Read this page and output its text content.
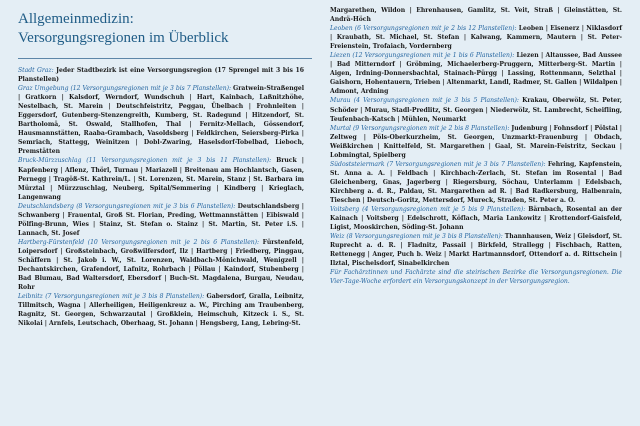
Allgemeinmedizin:
Versorgungsregionen im Überblick

Stadt Graz: Jeder Stadtbezirk ist eine Versorgungsregion (17 Sprengel mit 3 bis 16 Planstellen)

Graz Umgebung (12 Versorgungsregionen mit je 3 bis 7 Planstellen): Gratwein-Straßengel | Gratkorn | Kalsdorf, Werndorf, Wundschuh | Hart, Kainbach, Laßnitzhöhe, Nestelbach, St. Marein | Deutschfeistritz, Peggau, Übelbach | Frohnleiten | Eggersdorf, Gutenberg-Stenzengreith, Kumberg, St. Radegund | Hitzendorf, St. Bartholomä, St. Oswald, Stallhofen, Thal | Fernitz-Mellach, Gössendorf, Hausmannstätten, Raaba-Grambach, Vasoldsberg | Feldkirchen, Seiersberg-Pirka | Semriach, Stattegg, Weinitzen | Dobl-Zwaring, Haselsdorf-Tobelbad, Lieboch, Premstätten

Bruck-Mürzzuschlag (11 Versorgungsregionen mit je 3 bis 11 Planstellen): Bruck | Kapfenberg | Aflenz, Thörl, Turnau | Mariazell | Breitenau am Hochlantsch, Gasen, Pernegg | Tragöß-St. Kathrein/L. | St. Lorenzen, St. Marein, Stanz | St. Barbara im Mürztal | Mürzzuschlag, Neuberg, Spital/Semmering | Kindberg | Krieglach, Langenwang

Deutschlandsberg (8 Versorgungsregionen mit je 3 bis 6 Planstellen): Deutschlandsberg | Schwanberg | Frauental, Groß St. Florian, Preding, Wettmannstätten | Eibiswald | Pölfing-Brunn, Wies | Stainz, St. Stefan o. Stainz | St. Martin, St. Peter i.S. | Lannach, St. Josef

Hartberg-Fürstenfeld (10 Versorgungsregionen mit je 2 bis 6 Planstellen): Fürstenfeld, Loipersdorf | Großsteinbach, Großwilfersdorf, Ilz | Hartberg | Friedberg, Pinggau, Schäffern | St. Jakob i. W., St. Lorenzen, Waldbach-Mönichwald, Wenigzell | Dechantskirchen, Grafendorf, Lafnitz, Rohrbach | Pöllau | Kaindorf, Stubenberg | Bad Blumau, Bad Waltersdorf, Ebersdorf | Buch-St. Magdalena, Burgau, Neudau, Rohr

Leibnitz (7 Versorgungsregionen mit je 3 bis 8 Planstellen): Gabersdorf, Gralla, Leibnitz, Tillmitsch, Wagna | Allerheiligen, Heiligenkreuz a. W., Pirching am Traubenberg, Ragnitz, St. Georgen, Schwarzautal | Großklein, Heimschuh, Kitzeck i. S., St. Nikolai | Arnfels, Leutschach, Oberhaag, St. Johann | Hengsberg, Lang, Lebring-St.

Margarethen, Wildon | Ehrenhausen, Gamlitz, St. Veit, Straß | Gleinstätten, St. Andrä-Höch

Leoben (6 Versorgungsregionen mit je 2 bis 12 Planstellen): Leoben | Eisenerz | Niklasdorf | Kraubath, St. Michael, St. Stefan | Kalwang, Kammern, Mautern | St. Peter-Freienstein, Trofaiach, Vordernberg

Liezen (12 Versorgungsregionen mit je 1 bis 6 Planstellen): Liezen | Altaussee, Bad Aussee | Bad Mitterndorf | Gröbming, Michaelerberg-Pruggern, Mitterberg-St. Martin | Aigen, Irdning-Donnersbachtal, Stainach-Pürgg | Lassing, Rottenmann, Selzthal | Gaishorn, Hohentauern, Trieben | Altenmarkt, Landl, Radmer, St. Gallen | Wildalpen | Admont, Ardning

Murau (4 Versorgungsregionen mit je 3 bis 5 Planstellen): Krakau, Oberwölz, St. Peter, Schöder | Murau, Stadl-Predlitz, St. Georgen | Niederwölz, St. Lambrecht, Scheifling, Teufenbach-Katsch | Mühlen, Neumarkt

Murtal (9 Versorgungsregionen mit je 2 bis 8 Planstellen): Judenburg | Fohnsdorf | Pölstal | Zeltweg | Pöls-Oberkurzheim, St. Georgen, Unzmarkt-Frauenburg | Obdach, Weißkirchen | Knittelfeld, St. Margarethen | Gaal, St. Marein-Feistritz, Seckau | Lobmingtal, Spielberg

Südoststeiermark (7 Versorgungsregionen mit je 3 bis 7 Planstellen): Fehring, Kapfenstein, St. Anna a. A. | Feldbach | Kirchbach-Zerlach, St. Stefan im Rosental | Bad Gleichenberg, Gnas, Jagerberg | Riegersburg, Söchau, Unterlamm | Edelsbach, Kirchberg a. d. R., Paldau, St. Margarethen ad R. | Bad Radkersburg, Halbenrain, Tieschen | Deutsch-Goritz, Mettersdorf, Mureck, Straden, St. Peter a. O.

Voitsberg (4 Versorgungsregionen mit je 5 bis 9 Planstellen): Bärnbach, Rosental an der Kainach | Voitsberg | Edelschrott, Köflach, Maria Lankowitz | Krottendorf-Gaisfeld, Ligist, Mooskirchen, Söding-St. Johann

Weiz (8 Versorgungsregionen mit je 3 bis 8 Planstellen): Thannhausen, Weiz | Gleisdorf, St. Ruprecht a. d. R. | Fladnitz, Passail | Birkfeld, Strallegg | Fischbach, Ratten, Rettenegg | Anger, Puch b. Weiz | Markt Hartmannsdorf, Ottendorf a. d. Rittschein | Ilztal, Pischelsdorf, Sinabelkirchen

Für Fachärztinnen und Fachärzte sind die steirischen Bezirke die Versorgungsregionen. Die Vier-Tage-Woche erfordert ein Versorgungskonzept in der Versorgungsregion.
